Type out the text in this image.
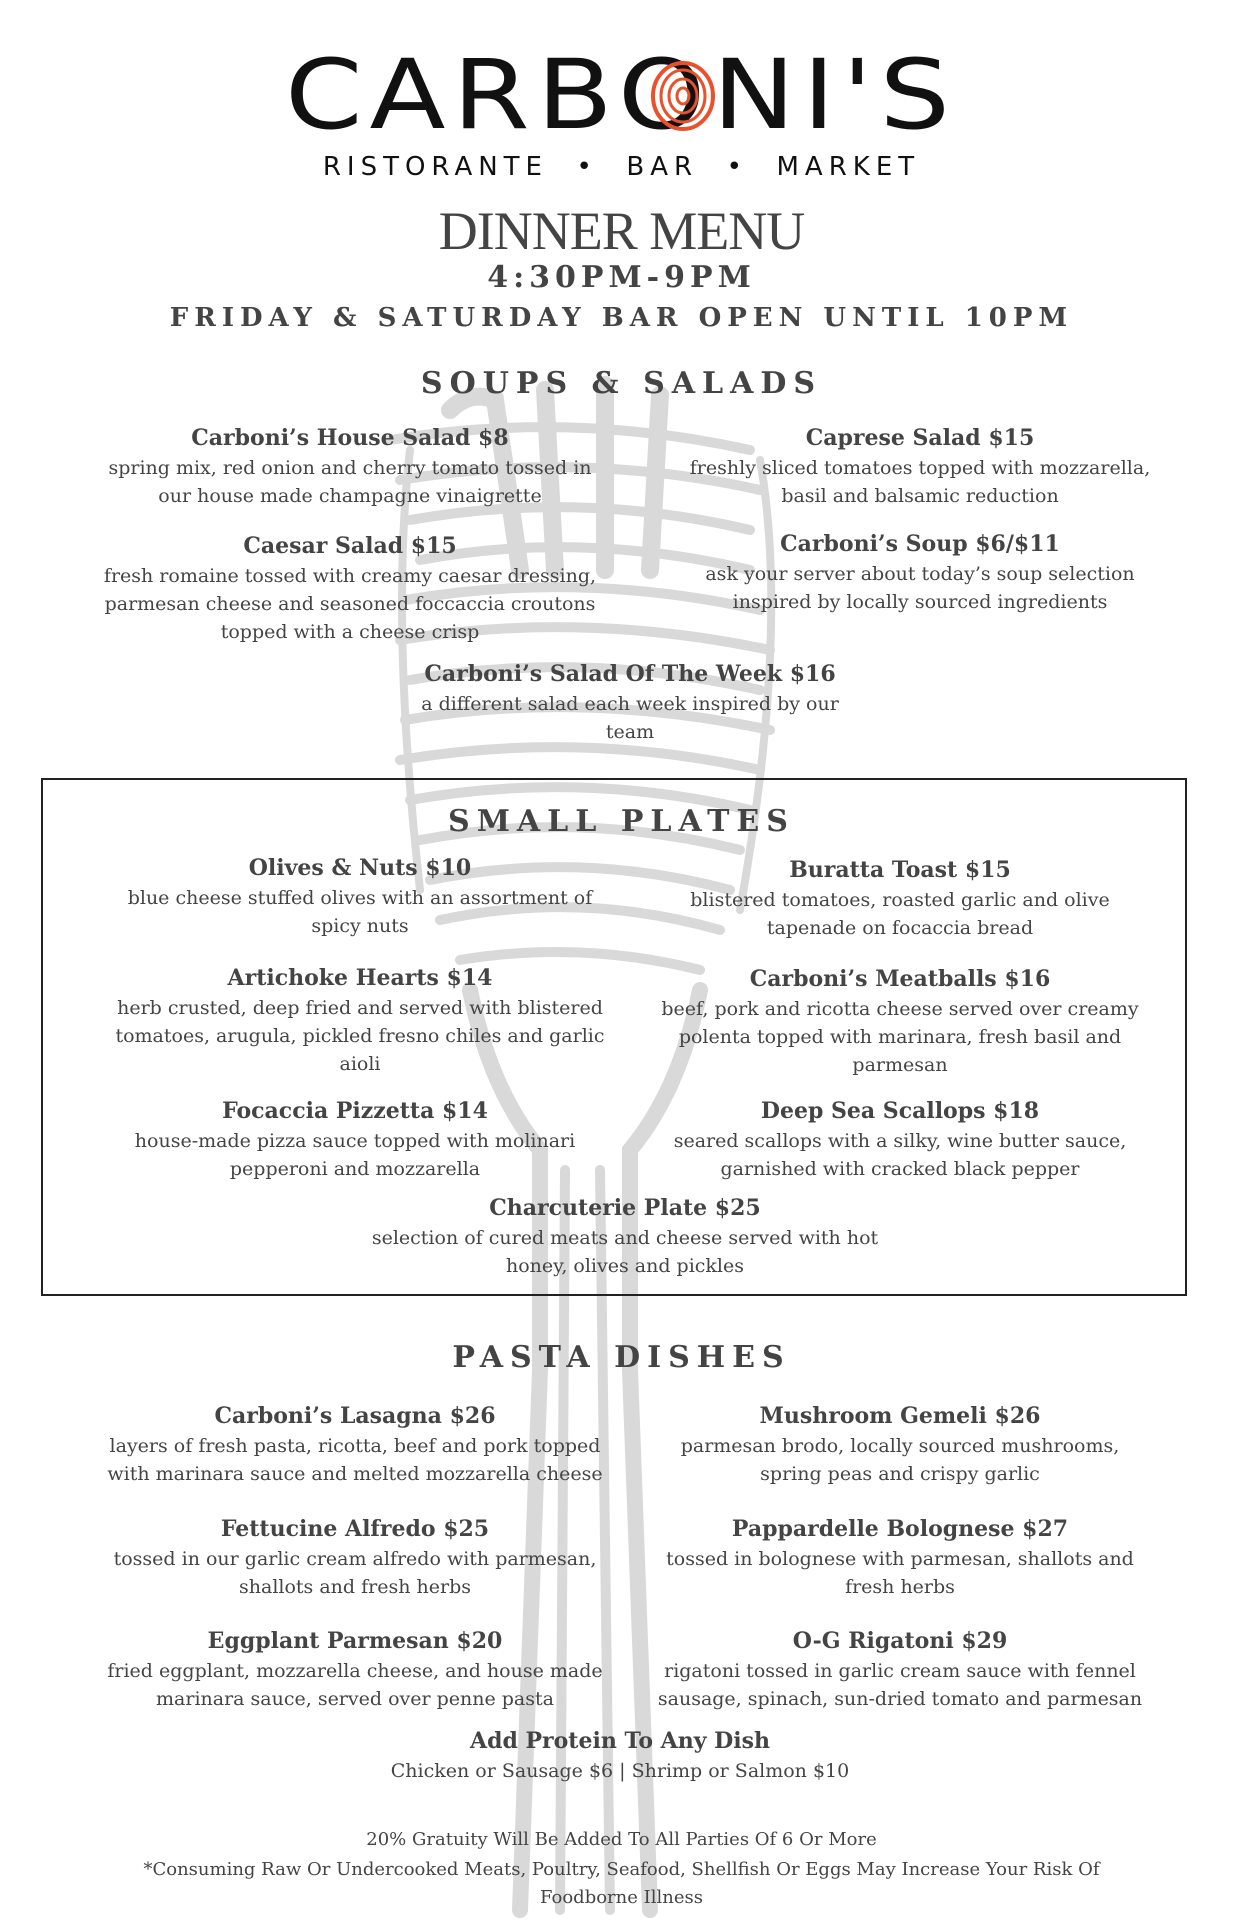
CARBONI'S
RISTORANTE  •  BAR  •  MARKET
DINNER MENU
4:30PM-9PM
FRIDAY & SATURDAY BAR OPEN UNTIL 10PM
SOUPS & SALADS
Carboni’s House Salad $8
spring mix, red onion and cherry tomato tossed in
our house made champagne vinaigrette
Caprese Salad $15
freshly sliced tomatoes topped with mozzarella,
basil and balsamic reduction
Caesar Salad $15
fresh romaine tossed with creamy caesar dressing,
parmesan cheese and seasoned foccaccia croutons
topped with a cheese crisp
Carboni’s Soup $6/$11
ask your server about today’s soup selection
inspired by locally sourced ingredients
Carboni’s Salad Of The Week $16
a different salad each week inspired by our
team
SMALL PLATES
Olives & Nuts $10
blue cheese stuffed olives with an assortment of
spicy nuts
Buratta Toast $15
blistered tomatoes, roasted garlic and olive
tapenade on focaccia bread
Artichoke Hearts $14
herb crusted, deep fried and served with blistered
tomatoes, arugula, pickled fresno chiles and garlic
aioli
Carboni’s Meatballs $16
beef, pork and ricotta cheese served over creamy
polenta topped with marinara, fresh basil and
parmesan
Focaccia Pizzetta $14
house-made pizza sauce topped with molinari
pepperoni and mozzarella
Deep Sea Scallops $18
seared scallops with a silky, wine butter sauce,
garnished with cracked black pepper
Charcuterie Plate $25
selection of cured meats and cheese served with hot
honey, olives and pickles
PASTA DISHES
Carboni’s Lasagna $26
layers of fresh pasta, ricotta, beef and pork topped
with marinara sauce and melted mozzarella cheese
Mushroom Gemeli $26
parmesan brodo, locally sourced mushrooms,
spring peas and crispy garlic
Fettucine Alfredo $25
tossed in our garlic cream alfredo with parmesan,
shallots and fresh herbs
Pappardelle Bolognese $27
tossed in bolognese with parmesan, shallots and
fresh herbs
Eggplant Parmesan $20
fried eggplant, mozzarella cheese, and house made
marinara sauce, served over penne pasta
O-G Rigatoni $29
rigatoni tossed in garlic cream sauce with fennel
sausage, spinach, sun-dried tomato and parmesan
Add Protein To Any Dish
Chicken or Sausage $6 | Shrimp or Salmon $10
20% Gratuity Will Be Added To All Parties Of 6 Or More
*Consuming Raw Or Undercooked Meats, Poultry, Seafood, Shellfish Or Eggs May Increase Your Risk Of
Foodborne Illness
